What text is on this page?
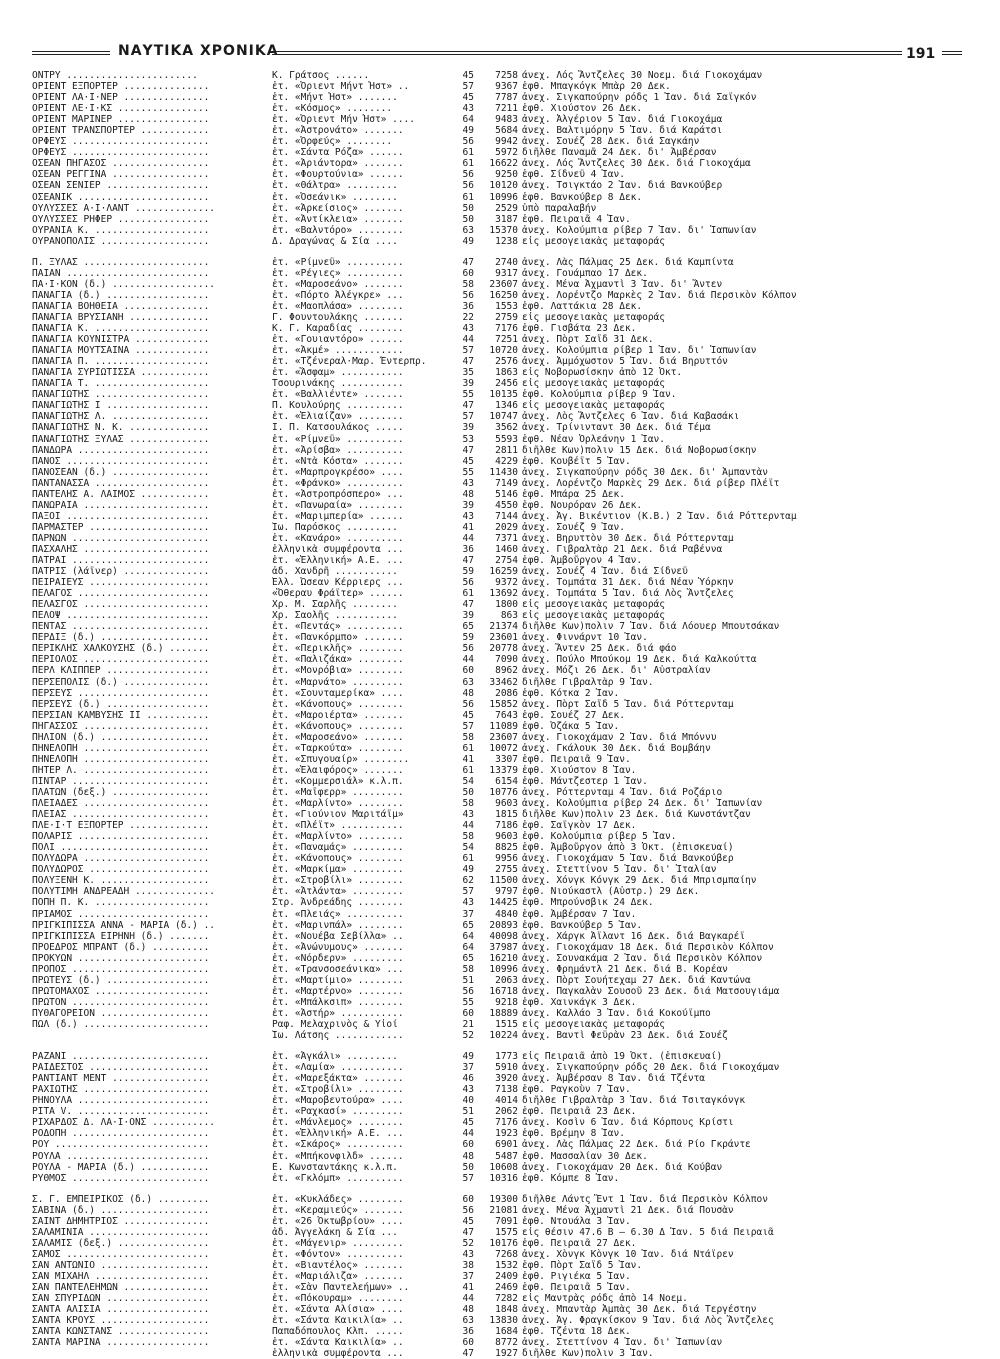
ΝΑΥΤΙΚΑ ΧΡΟΝΙΚΑ	191
ΟΝΤΡΥ .......................	Κ. Γράτσος ......	45	7258 άνεχ. Λός Ἄντζελες 30 Νοεμ. διά Γιοκοχάμαν
ΟΡΙΕΝΤ ΕΞΠΟΡΤΕΡ ...............	ἐτ. «Ὀριεντ Μήντ Ἠστ» ..	57	9367 ἐφθ. Μπαγκόγκ Μπὰρ 20 Δεκ.
ΟΡΙΕΝΤ ΛΑ·Ι·ΝΕΡ ...............	ἐτ. «Μήντ Ἠστ» .......	45	7787 ἀνεχ. Σιγκαπούρην ρόδς 1 Ἰαν. διά Σαϊγκόν
ΟΡΙΕΝΤ ΛΕ·Ι·ΚΣ ................	ἐτ. «Κόσμος» ........	43	7211 ἐφθ. Χιούστον 26 Δεκ.
ΟΡΙΕΝΤ ΜΑΡΙΝΕΡ ................	ἐτ. «Ὀριεντ Μήν Ἠστ» ....	64	9483 ἀνεχ. Ἀλγέριον 5 Ἰαν. διά Γιοκοχάμα
ΟΡΙΕΝΤ ΤΡΑΝΣΠΟΡΤΕΡ ............	ἐτ. «Ἀστρονάτο» .......	49	5684 ἀνεχ. Βαλτιμόρην 5 Ἰαν. διά Καράτσι
ΟΡΦΕΥΣ ........................	ἐτ. «Ὀρφεύς» ........	56	9942 ἀνεχ. Σουέζ 28 Δεκ. διά Σαγκάην
ΟΡΦΕΥΣ ........................	ἐτ. «Σάντα Ρόζα» ......	61	5972 διῆλθε Παναμᾶ 24 Δεκ. δι' Ἀμβέρσαν
ΟΣΕΑΝ ΠΗΓΑΣΟΣ .................	ἐτ. «Ἀριάντορα» .......	61	16622 ἀνεχ. Λός Ἄντζελες 30 Δεκ. διά Γιοκοχάμα
ΟΣΕΑΝ ΡΕΓΓΙΝΑ .................	ἐτ. «Φουρτούνια» ......	56	9250 ἐφθ. Σίδνεϋ 4 Ἰαν.
ΟΣΕΑΝ ΣΕΝΙΕΡ ..................	ἐτ. «Θάλτρα» .........	56	10120 ἀνεχ. Τσιγκτάο 2 Ἰαν. διά Βανκούβερ
ΟΣΕΑΝΙΚ .......................	ἐτ. «Ὀσεάνικ» ........	61	10996 ἐφθ. Βανκούβερ 8 Δεκ.
ΟΥΛΥΣΣΕΣ Α·Ι·ΛΑΝΤ ..............	ἐτ. «Ἀρκείσιος» .......	50	2529 ὑπὸ παραλαβήν
ΟΥΛΥΣΣΕΣ ΡΗΦΕΡ ................	ἐτ. «Ἀντίκλεια» .......	50	3187 ἐφθ. Πειραιᾶ 4 Ἰαν.
ΟΥΡΑΝΙΑ Κ. ....................	ἐτ. «Βαλντόρο» ........	63	15370 ἀνεχ. Κολούμπια ρίβερ 7 Ἰαν. δι' Ἰαπωνίαν
ΟΥΡΑΝΟΠΟΛΙΣ ...................	Δ. Δραγώνας & Σία ....	49	1238 εἰς μεσογειακὰς μεταφοράς
Π. ΞΥΛΑΣ ......................	ἐτ. «Ρίμνεϋ» ..........	47	2740 ἀνεχ. Λὰς Πάλμας 25 Δεκ. διά Καμπίντα
ΠΑΙΑΝ .........................	ἐτ. «Ρέγιες» ..........	60	9317 ἀνεχ. Γουάμπαο 17 Δεκ.
ΠΑ·Ι·ΚΟΝ (δ.) ..................	ἐτ. «Μαροσεάνο» .......	58	23607 ἀνεχ. Μένα Ἀχμαντὶ 3 Ἰαν. δι' Ἄντεν
ΠΑΝΑΓΙΑ (δ.) ..................	ἐτ. «Πόρτο Ἀλέγκρε» ...	56	16250 ἀνεχ. Λορέντζο Μαρκὲς 2 Ἰαν. διά Περσικὸν Κόλπον
ΠΑΝΑΓΙΑ ΒΟΗΘΕΙΑ ...............	ἐτ. «Μαοπλάσα» ........	36	1553 ἐφθ. Λαττάκια 28 Δεκ.
ΠΑΝΑΓΙΑ ΒΡΥΣΙΑΝΗ ..............	Γ. Φουντουλάκης .......	22	2759 εἰς μεσογειακὰς μεταφοράς
ΠΑΝΑΓΙΑ Κ. ....................	Κ. Γ. Καραδίας ........	43	7176 ἐφθ. Γισβάτα 23 Δεκ.
ΠΑΝΑΓΙΑ ΚΟΥΝΙΣΤΡΑ .............	ἐτ. «Γουιαντόρο» ......	44	7251 ἀνεχ. Πὸρτ Σαΐδ 31 Δεκ.
ΠΑΝΑΓΙΑ ΜΟΥΤΣΑΙΝΑ .............	ἐτ. «Ἀκμέ» ............	57	10720 ἀνεχ. Κολούμπια ρίβερ 1 Ἰαν. δι' Ἰαπωνίαν
ΠΑΝΑΓΙΑ Π. ....................	ἐτ. «Τζένεραλ·Μαρ. Έντερπρ.	47	2576 ἀνεχ. Ἀμμόχωστον 5 Ἰαν. διά Βηρυττόν
ΠΑΝΑΓΙΑ ΣΥΡΙΩΤΙΣΣΑ ............	ἐτ. «Ἄσφαμ» ...........	35	1863 εἰς Νοβορωσίσκην ἀπὸ 12 Ὀκτ.
ΠΑΝΑΓΙΑ Τ. ....................	Τσουρινάκης ...........	39	2456 εἰς μεσογειακὰς μεταφοράς
ΠΑΝΑΓΙΩΤΗΣ ....................	ἐτ. «Βαλλιέντε» .......	55	10135 ἐφθ. Κολούμπια ρίβερ 9 Ἰαν.
ΠΑΝΑΓΙΩΤΗΣ Ι ..................	Π. Κουλούρης ..........	47	1346 εἰς μεσογειακὰς μεταφοράς
ΠΑΝΑΓΙΩΤΗΣ Λ. .................	ἐτ. «Ἐλιαίζαν» ........	57	10747 ἀνεχ. Λὸς Ἄντζελες 6 Ἰαν. διά Καβασάκι
ΠΑΝΑΓΙΩΤΗΣ Ν. Κ. ..............	Ι. Π. Κατσουλάκος .....	39	3562 ἀνεχ. Τρίνινταντ 30 Δεκ. διά Τέμα
ΠΑΝΑΓΙΩΤΗΣ ΞΥΛΑΣ ..............	ἐτ. «Ρίμνεϋ» ..........	53	5593 ἐφθ. Νέαν Ὀρλεάνην 1 Ἰαν.
ΠΑΝΔΩΡΑ .......................	ἐτ. «Ἀρίσβα» ..........	47	2811 διῆλθε Κων)πολιν 15 Δεκ. διά Νοβορωσίσκην
ΠΑΝΟΣ .........................	ἐτ. «Ντὰ Κόστα» .......	45	4229 ἐφθ. Κουβέϊτ 5 Ἰαν.
ΠΑΝΟΣΕΑΝ (δ.) .................	ἐτ. «Μαρπρογκρέσο» ....	55	11430 ἀνεχ. Σιγκαπούρην ρόδς 30 Δεκ. δι' Ἀμπαντὰν
ΠΑΝΤΑΝΑΣΣΑ ....................	ἐτ. «Φράνκο» ..........	43	7149 ἀνεχ. Λορέντζο Μαρκὲς 29 Δεκ. διά ρίβερ Πλέϊτ
ΠΑΝΤΕΛΗΣ Α. ΛΑΙΜΟΣ ............	ἐτ. «Ἀστροπρόσπερο» ...	48	5146 ἐφθ. Μπάρα 25 Δεκ.
ΠΑΝΩΡΑΙΑ ......................	ἐτ. «Πανωραία» ........	39	4550 ἐφθ. Νουρόραν 26 Δεκ.
ΠΑΞΟΙ .........................	ἐτ. «Μαριμπερία» ......	43	7144 ἀνεχ. Ἁγ. Βικέντιον (Κ.Β.) 2 Ἰαν. διά Ρόττερνταμ
ΠΑΡΜΑΣΤΕΡ .....................	Ἰω. Παρόσκος .........	41	2029 ἀνεχ. Σουέζ 9 Ἰαν.
ΠΑΡΝΩΝ ........................	ἐτ. «Κανάρο» ..........	44	7371 ἀνεχ. Βηρυττὸν 30 Δεκ. διά Ρόττερνταμ
ΠΑΣΧΑΛΗΣ ......................	ἑλληνικὰ συμφέροντα ...	36	1460 ἀνεχ. Γιβραλτὰρ 21 Δεκ. διά Ραβέννα
ΠΑΤΡΑΙ ........................	ἐτ. «Ἑλληνική» Α.Ε. ...	47	2754 ἐφθ. Ἀμβοῦργον 4 Ἰαν.
ΠΑΤΡΙΣ (λάϊνερ) ...............	ἀδ. Χανδρῆ ...........	59	16259 ἀνεχ. Σουέζ 4 Ἰαν. διά Σίδνεϋ
ΠΕΙΡΑΙΕΥΣ .....................	Ἐλλ. Ὠσεαν Κέρριερς ...	56	9372 ἀνεχ. Τομπάτα 31 Δεκ. διά Νέαν Ὑόρκην
ΠΕΛΑΓΟΣ .......................	«Ὄθεραυ Φράϊτερ» ......	61	13692 ἀνεχ. Τομπάτα 5 Ἰαν. διά Λὸς Ἄντζελες
ΠΕΛΑΣΓΟΣ ......................	Χρ. Μ. Σαρλῆς ........	47	1800 εἰς μεσογειακὰς μεταφοράς
ΠΕΛΟΨ .........................	Χρ. Σαολῆς ...........	39	863 εἰς μεσογειακὰς μεταφοράς
ΠΕΝΤΑΣ ........................	ἐτ. «Πεντάς» ..........	65	21374 διῆλθε Κων)πολιν 7 Ἰαν. διά Λόουερ Μπουτσάκαν
ΠΕΡΔΙΞ (δ.) ...................	ἐτ. «Πανκόρμπο» .......	59	23601 ἀνεχ. Φιννάρντ 10 Ἰαν.
ΠΕΡΙΚΛΗΣ ΧΑΛΚΟΥΣΗΣ (δ.) .......	ἐτ. «Περικλῆς» ........	56	20778 ἀνεχ. Ἄντεν 25 Δεκ. διά φάο
ΠΕΡΙΟΛΟΣ ......................	ἐτ. «Παλιζάκα» ........	44	7090 ἀνεχ. Πούλο Μπούκομ 19 Δεκ. διά Καλκούττα
ΠΕΡΛ ΚΛΙΠΠΕΡ ..................	ἐτ. «Μονρόβια» ........	60	8962 ἀνεχ. Μόζι 26 Δεκ. δι' Αὐστραλίαν
ΠΕΡΣΕΠΟΛΙΣ (δ.) ...............	ἐτ. «Μαρνάτο» .........	63	33462 διῆλθε Γιβραλτὰρ 9 Ἰαν.
ΠΕΡΣΕΥΣ .......................	ἐτ. «Σουνταμερίκα» ....	48	2086 ἐφθ. Κότκα 2 Ἰαν.
ΠΕΡΣΕΥΣ (δ.) ..................	ἐτ. «Κάνοπους» ........	56	15852 ἀνεχ. Πὸρτ Σαΐδ 5 Ἰαν. διά Ρόττερνταμ
ΠΕΡΣΙΑΝ ΚΑΜΒΥΣΗΣ ΙΙ ...........	ἐτ. «Μαροιέρτα» .......	45	7643 ἐφθ. Σουέζ 27 Δεκ.
ΠΗΓΑΣΣΟΣ ......................	ἐτ. «Κάνοπους» ........	57	11089 ἐφθ. Ὀζάκα 5 Ἰαν.
ΠΗΛΙΟΝ (δ.) ...................	ἐτ. «Μαροσεάνο» .......	58	23607 ἀνεχ. Γιοκοχάμαν 2 Ἰαν. διά Μπόννυ
ΠΗΝΕΛΟΠΗ ......................	ἐτ. «Ταρκούτα» ........	61	10072 ἀνεχ. Γκάλουκ 30 Δεκ. διά Βομβάην
ΠΗΝΕΛΟΠΗ ......................	ἐτ. «Σπυγουαίρ» ........	41	3307 ἐφθ. Πειραιᾶ 9 Ἰαν.
ΠΗΤΕΡ Λ. ......................	ἐτ. «Ἐλαιφόρος» .......	61	13379 ἐφθ. Χιούστον 8 Ἰαν.
ΠΙΝΤΑΡ ........................	ἐτ. «Κομμερσιάλ» κ.λ.π.	54	6154 ἐφθ. Μάντζεστερ 1 Ἰαν.
ΠΛΑΤΩΝ (δεξ.) .................	ἐτ. «Μαΐφερρ» .........	50	10776 ἀνεχ. Ρόττερνταμ 4 Ἰαν. διά Ροζάριο
ΠΛΕΙΑΔΕΣ ......................	ἐτ. «Μαρλίντο» ........	58	9603 ἀνεχ. Κολούμπια ρίβερ 24 Δεκ. δι' Ἰαπωνίαν
ΠΛΕΙΑΣ ........................	ἐτ. «Γιούνιον Μαριτάϊμ»	43	1815 διῆλθε Κων)πολιν 23 Δεκ. διά Κωνστάντζαν
ΠΛΕ·Ι·Τ ΕΞΠΟΡΤΕΡ ..............	ἐτ. «Πλέϊτ» ...........	44	7186 ἐφθ. Σαϊγκὸν 17 Δεκ.
ΠΟΛΑΡΙΣ .......................	ἐτ. «Μαρλίντο» ........	58	9603 ἐφθ. Κολούμπια ρίβερ 5 Ἰαν.
ΠΟΛΙ ..........................	ἐτ. «Παναμάς» .........	54	8825 ἐφθ. Ἀμβοῦργον ἀπὸ 3 Ὀκτ. (ἐπισκευαί)
ΠΟΛΥΔΩΡΑ ......................	ἐτ. «Κάνοπους» ........	61	9956 ἀνεχ. Γιοκοχάμαν 5 Ἰαν. διά Βανκούβερ
ΠΟΛΥΔΩΡΟΣ .....................	ἐτ. «Μαρκίμα» .........	49	2755 ἀνεχ. Στεττίνον 5 Ἰαν. δι' Ἰταλίαν
ΠΟΛΥΞΕΝΗ Κ. ...................	ἐτ. «Στροβίλι» ........	62	11500 ἀνεχ. Χόνγκ Κόνγκ 29 Δεκ. διά Μπρισμπαίην
ΠΟΛΥΤΙΜΗ ΑΝΔΡΕΑΔΗ ..............	ἐτ. «Ἀτλάντα» .........	57	9797 ἐφθ. Νιούκαστλ (Αὐστρ.) 29 Δεκ.
ΠΟΠΗ Π. Κ. ....................	Στρ. Ἀνδρεάδης ........	43	14425 ἐφθ. Μπρούνσβικ 24 Δεκ.
ΠΡΙΑΜΟΣ .......................	ἐτ. «Πλειάς» ..........	37	4840 ἐφθ. Ἀμβέρσαν 7 Ἰαν.
ΠΡΙΓΚΙΠΙΣΣΑ ΑΝΝΑ - ΜΑΡΙΑ (δ.) ..	ἐτ. «Μαρινπάλ» ........	65	20893 ἐφθ. Βανκούβερ 5 Ἰαν.
ΠΡΙΓΚΙΠΙΣΣΑ ΕΙΡΗΝΗ (δ.) .......	ἐτ. «Νουέβα Σεβίλλα» ..	64	40098 ἀνεχ. Χάργκ Ἀϊλαντ 16 Δεκ. διά Βαγκαρέϊ
ΠΡΟΕΔΡΟΣ ΜΠΡΑΝΤ (δ.) ..........	ἐτ. «Ἀνώνυμους» .......	64	37987 ἀνεχ. Γιοκοχάμαν 18 Δεκ. διά Περσικὸν Κόλπον
ΠΡΟΚΥΩΝ .......................	ἐτ. «Νόρδερν» .........	65	16210 ἀνεχ. Σουνακάμα 2 Ἰαν. διά Περσικὸν Κόλπον
ΠΡΟΠΟΣ ........................	ἐτ. «Τρανσοσεάνικα» ...	58	10996 ἀνεχ. Φρημάντλ 21 Δεκ. διά Β. Κορέαν
ΠΡΩΤΕΥΣ (δ.) ..................	ἐτ. «Μαρτίμιο» ........	51	2063 ἀνεχ. Πὸρτ Σουήτεχαμ 27 Δεκ. διά Καντώνα
ΠΡΩΤΟΜΑΧΟΣ ....................	ἐτ. «Μαρτέρνο» ........	56	16718 ἀνεχ. Παγκαλὰν Σουσοῦ 23 Δεκ. διά Ματσουγιάμα
ΠΡΩΤΟΝ ........................	ἐτ. «Μπάλκσιπ» ........	55	9218 ἐφθ. Χαινκάγκ 3 Δεκ.
ΠΥΘΑΓΟΡΕΙΟΝ ...................	ἐτ. «Ἀστήρ» ...........	60	18889 ἀνεχ. Καλλάο 3 Ἰαν. διά Κοκούϊμπο
ΠΩΛ (δ.) ......................	Ραφ. Μελαχρινὸς & Υἱοί	21	1515 εἰς μεσογειακὰς μεταφοράς
Ἰω. Λάτσης ............	52	10224 ἀνεχ. Βαντὶ Φεϋρὰν 23 Δεκ. διά Σουέζ
ΡΑΖΑΝΙ ........................	ἐτ. «Ἀγκάλι» .........	49	1773 εἰς Πειραιᾶ ἀπὸ 19 Ὀκτ. (ἐπισκευαί)
ΡΑΙΔΕΣΤΟΣ .....................	ἐτ. «Λαμία» ...........	37	5910 ἀνεχ. Σιγκαπούρην ρόδς 20 Δεκ. διά Γιοκοχάμαν
ΡΑΝΤΙΑΝΤ ΜΕΝΤ .................	ἐτ. «Μαρεξάκτα» .......	46	3920 ἀνεχ. Ἀμβέρσαν 8 Ἰαν. διά Τζέντα
ΡΑΧΙΩΤΗΣ ......................	ἐτ. «Στροβίλι» ........	43	7138 ἐφθ. Ραγκοὺν 7 Ἰαν.
ΡΗΝΟΥΛΑ .......................	ἐτ. «Μαροβεντούρα» ....	40	4014 διῆλθε Γιβραλτὰρ 3 Ἰαν. διά Τσιταγκόνγκ
ΡΙΤΑ V. .......................	ἐτ. «Ραχκασί» .........	51	2062 ἐφθ. Πειραιᾶ 23 Δεκ.
ΡΙΧΑΡΔΟΣ Δ. ΛΑ·Ι·ΟΝΣ ...........	ἐτ. «Μάνλεμος» ........	45	7176 ἀνεχ. Κοσὶν 6 Ἰαν. διά Κόρπους Κρίστι
ΡΟΔΟΠΗ ........................	ἐτ. «Ἑλληνική» Α.Ε. ...	44	1923 ἐφθ. Βρέμην 8 Ἰαν.
ΡΟΥ ...........................	ἐτ. «Σκάρος» ..........	60	6901 ἀνεχ. Λὰς Πάλμας 22 Δεκ. διά Ρίο Γκράντε
ΡΟΥΛΑ .........................	ἐτ. «Μπήκονφιλδ» ......	48	5487 ἐφθ. Μασσαλίαν 30 Δεκ.
ΡΟΥΛΑ - ΜΑΡΙΑ (δ.) ............	Ε. Κωνσταντάκης κ.λ.π.	50	10608 ἀνεχ. Γιοκοχάμαν 20 Δεκ. διά Κούβαν
ΡΥΘΜΟΣ ........................	ἐτ. «Γκλόμπ» ..........	57	10316 ἐφθ. Κόμπε 8 Ἰαν.
Σ. Γ. ΕΜΠΕΙΡΙΚΟΣ (δ.) .........	ἐτ. «Κυκλάδες» ........	60	19300 διῆλθε Λάντς Ἔντ 1 Ἰαν. διά Περσικὸν Κόλπον
ΣΑΒΙΝΑ (δ.) ...................	ἐτ. «Κεραμιεύς» .......	56	21081 ἀνεχ. Μένα Ἀχμαντὶ 21 Δεκ. διά Πουσὰν
ΣΑΙΝΤ ΔΗΜΗΤΡΙΟΣ ...............	ἐτ. «26 Ὀκτωβρίου» ....	45	7091 ἐφθ. Ντουάλα 3 Ἰαν.
ΣΑΛΑΜΙΝΙΑ .....................	ἀδ. Ἀγγελάκη & Σία ...	47	1575 εἰς θέσιν 47.6 Β — 6.30 Δ Ἰαν. 5 διά Πειραιᾶ
ΣΑΛΑΜΙΣ (δεξ.) ................	ἐτ. «Μάγενιρ» .........	52	10176 ἐφθ. Πειραιᾶ 27 Δεκ.
ΣΑΜΟΣ .........................	ἐτ. «Φόντον» ..........	43	7268 ἀνεχ. Χὸνγκ Κὸνγκ 10 Ἰαν. διά Ντάϊρεν
ΣΑΝ ΑΝΤΩΝΙΟ ...................	ἐτ. «Βιαντέλος» .......	38	1532 ἐφθ. Πὸρτ Σαΐδ 5 Ἰαν.
ΣΑΝ ΜΙΧΑΗΛ ....................	ἐτ. «Μαριάλιζα» .......	37	2409 ἐφθ. Ριγιέκα 5 Ἰαν.
ΣΑΝ ΠΑΝΤΕΛΕΗΜΩΝ ...............	ἐτ. «Σὰν Παντελεήμων» ..	41	2469 ἐφθ. Πειραιᾶ 5 Ἰαν.
ΣΑΝ ΣΠΥΡΙΔΩΝ ..................	ἐτ. «Πόκουραμ» ........	44	7282 εἰς Μαντρὰς ρόδς ἀπὸ 14 Νοεμ.
ΣΑΝΤΑ ΑΛΙΣΙΑ ..................	ἐτ. «Σάντα Αλίσια» ....	48	1848 ἀνεχ. Μπαντὰρ Ἀμπὰς 30 Δεκ. διά Τεργέστην
ΣΑΝΤΑ ΚΡΟΥΣ ...................	ἐτ. «Σάντα Καικιλία» ..	63	13830 ἀνεχ. Ἁγ. Φραγκίσκον 9 Ἰαν. διά Λὸς Ἄντζελες
ΣΑΝΤΑ ΚΩΝΣΤΑΝΣ ................	Παπαδόπουλος Κλπ. .....	36	1684 ἐφθ. Τζέντα 18 Δεκ.
ΣΑΝΤΑ ΜΑΡΙΝΑ ..................	ἐτ. «Σάντα Καικιλία» ..	60	8772 ἀνεχ. Στεττίνον 4 Ἰαν. δι' Ἰαπωνίαν
ἑλληνικὰ συμφέροντα ...	47	1927 διῆλθε Κων)πολιν 3 Ἰαν.
